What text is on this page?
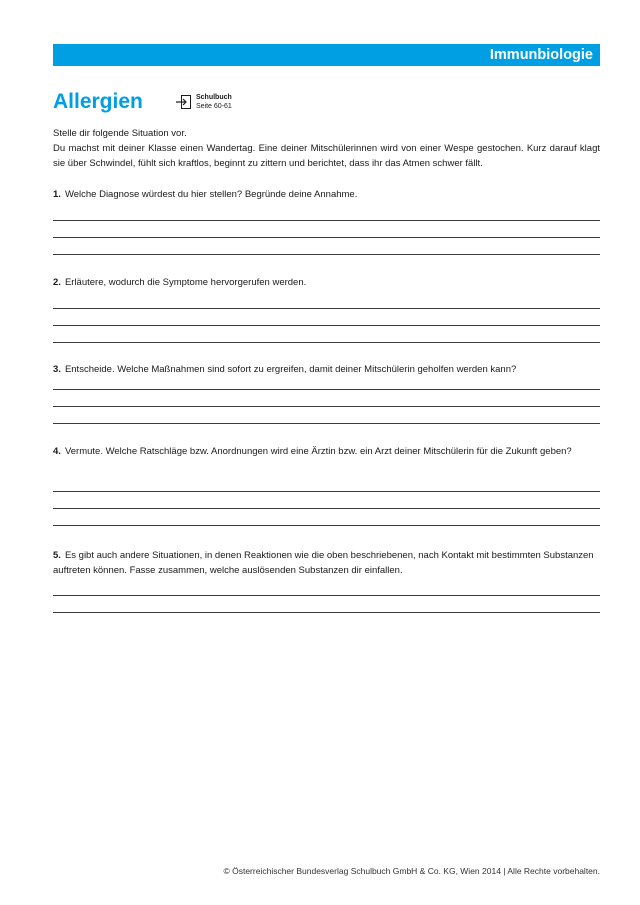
Immunbiologie
Allergien	Schulbuch
Seite 60-61

Stelle dir folgende Situation vor.

Du machst mit deiner Klasse einen Wandertag. Eine deiner Mitschülerinnen wird von einer Wespe gestochen. Kurz darauf klagt sie über Schwindel, fühlt sich kraftlos, beginnt zu zittern und berichtet, dass ihr das Atmen schwer fällt.

1. Welche Diagnose würdest du hier stellen? Begründe deine Annahme.

2. Erläutere, wodurch die Symptome hervorgerufen werden.

3. Entscheide. Welche Maßnahmen sind sofort zu ergreifen, damit deiner Mitschülerin geholfen werden kann?

4. Vermute. Welche Ratschläge bzw. Anordnungen wird eine Ärztin bzw. ein Arzt deiner Mitschülerin für die Zukunft geben?

5. Es gibt auch andere Situationen, in denen Reaktionen wie die oben beschriebenen, nach Kontakt mit bestimmten Substanzen auftreten können. Fasse zusammen, welche auslösenden Substanzen dir einfallen.

© Österreichischer Bundesverlag Schulbuch GmbH & Co. KG, Wien 2014 | Alle Rechte vorbehalten.
